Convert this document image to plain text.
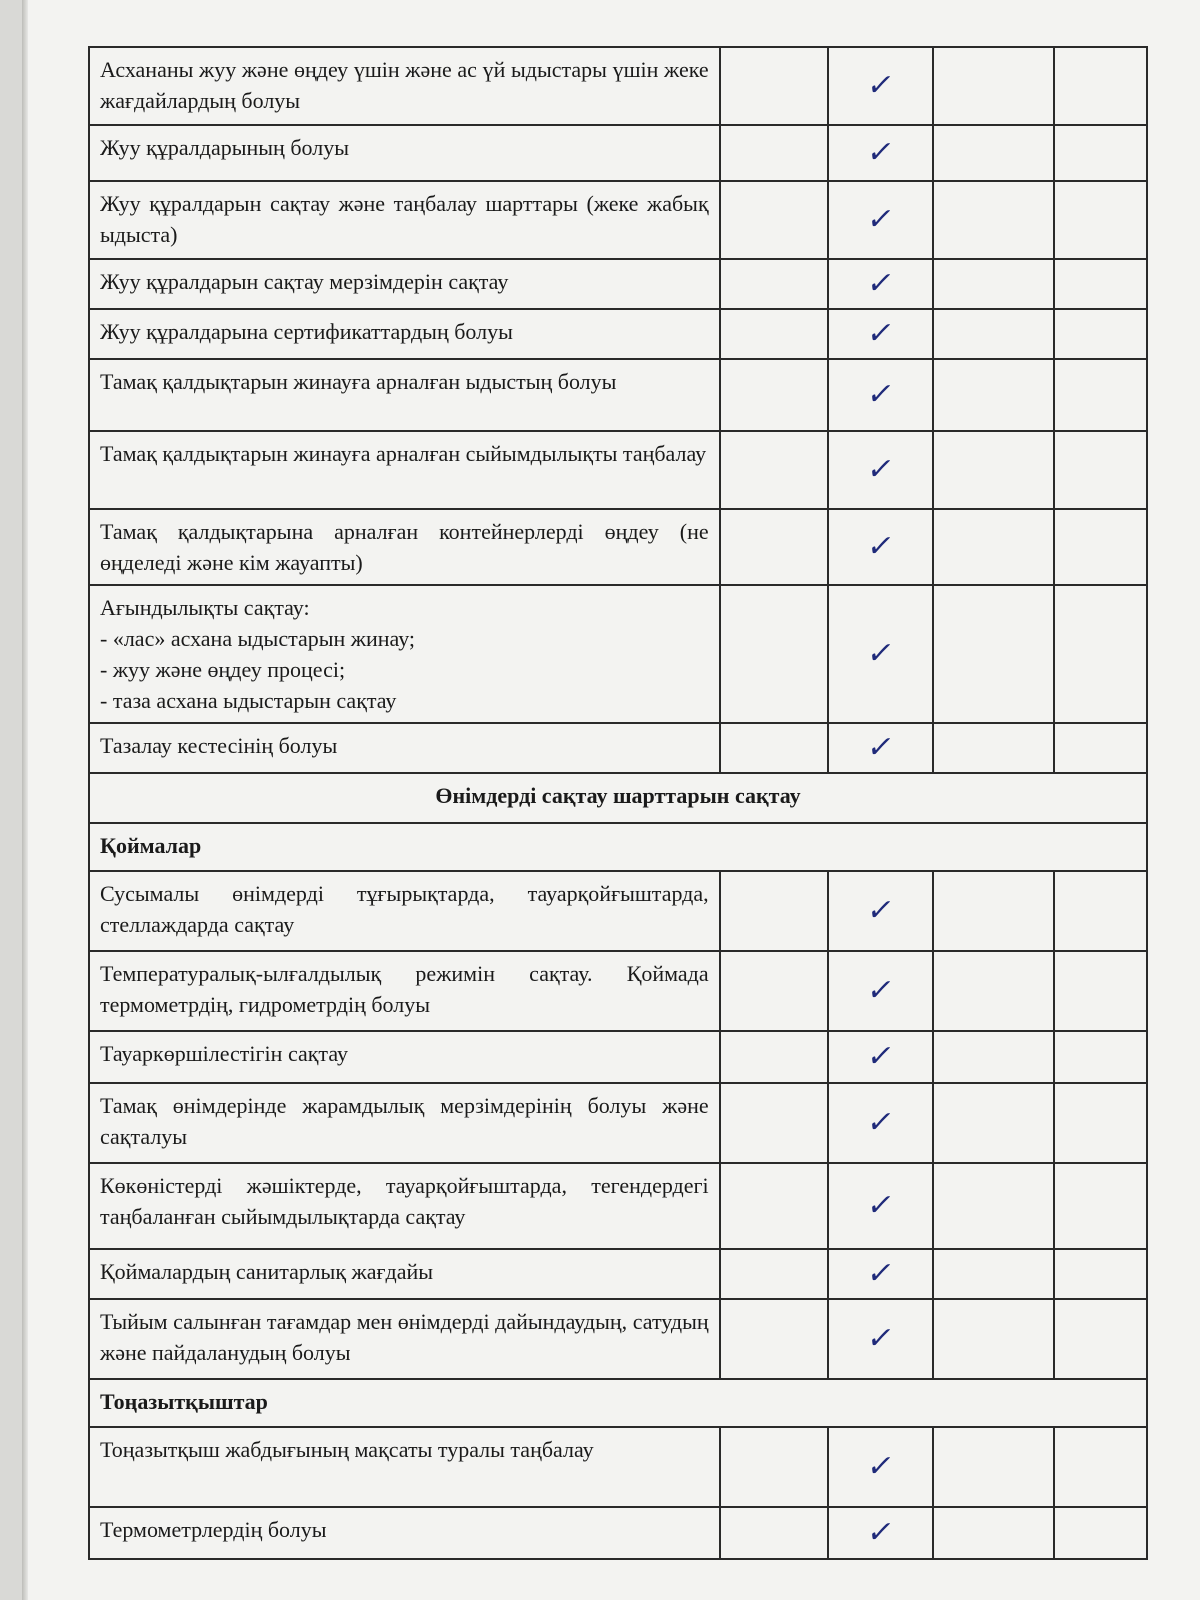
Асхананы жуу және өңдеу үшін және ас үй ыдыстары үшін жеке жағдайлардың болуы		✓		
Жуу құралдарының болуы		✓		
Жуу құралдарын сақтау және таңбалау шарттары (жеке жабық ыдыста)		✓		
Жуу құралдарын сақтау мерзімдерін сақтау		✓		
Жуу құралдарына сертификаттардың болуы		✓		
Тамақ қалдықтарын жинауға арналған ыдыстың болуы		✓		
Тамақ қалдықтарын жинауға арналған сыйымдылықты таңбалау		✓		
Тамақ қалдықтарына арналған контейнерлерді өңдеу (не өңделеді және кім жауапты)		✓		

Ағындылықты сақтау:
- «лас» асхана ыдыстарын жинау;
- жуу және өңдеу процесі;
- таза асхана ыдыстарын сақтау		✓		
Тазалау кестесінің болуы		✓		
Өнімдерді сақтау шарттарын сақтау				
Қоймалар				
Сусымалы өнімдерді тұғырықтарда, тауарқойғыштарда, стеллаждарда сақтау		✓		
Температуралық-ылғалдылық режимін сақтау. Қоймада термометрдің, гидрометрдің болуы		✓		
Тауаркөршілестігін сақтау		✓		
Тамақ өнімдерінде жарамдылық мерзімдерінің болуы және сақталуы		✓		
Көкөністерді жәшіктерде, тауарқойғыштарда, тегендердегі таңбаланған сыйымдылықтарда сақтау		✓		
Қоймалардың санитарлық жағдайы		✓		
Тыйым салынған тағамдар мен өнімдерді дайындаудың, сатудың және пайдаланудың болуы		✓		
Тоңазытқыштар				
Тоңазытқыш жабдығының мақсаты туралы таңбалау		✓		
Термометрлердің болуы		✓		
